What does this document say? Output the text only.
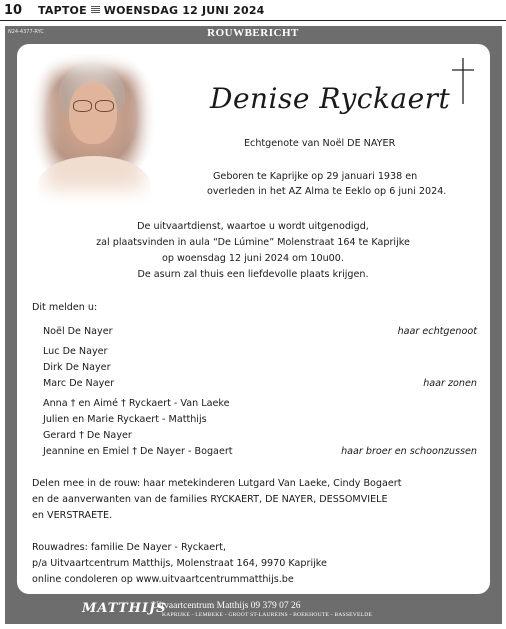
10 TAPTOE WOENSDAG 12 JUNI 2024
N24-4377-RYC	ROUWBERICHT
Denise Ryckaert
Echtgenote van Noël DE NAYER
Geboren te Kaprijke op 29 januari 1938 en
overleden in het AZ Alma te Eeklo op 6 juni 2024.
De uitvaartdienst, waartoe u wordt uitgenodigd,
zal plaatsvinden in aula “De Lúmine” Molenstraat 164 te Kaprijke
op woensdag 12 juni 2024 om 10u00.
De asurn zal thuis een liefdevolle plaats krijgen.
Dit melden u:
Noël De Nayer	haar echtgenoot
Luc De Nayer
Dirk De Nayer
Marc De Nayer	haar zonen
Anna † en Aimé † Ryckaert - Van Laeke
Julien en Marie Ryckaert - Matthijs
Gerard † De Nayer
Jeannine en Emiel † De Nayer - Bogaert	haar broer en schoonzussen
Delen mee in de rouw: haar metekinderen Lutgard Van Laeke, Cindy Bogaert
en de aanverwanten van de families RYCKAERT, DE NAYER, DESSOMVIELE
en VERSTRAETE.
Rouwadres: familie De Nayer - Ryckaert,
p/a Uitvaartcentrum Matthijs, Molenstraat 164, 9970 Kaprijke
online condoleren op www.uitvaartcentrummatthijs.be
MATTHIJS
Uitvaartcentrum Matthijs 09 379 07 26
KAPRIJKE - LEMBEKE - GROOT ST-LAUREINS - BOEKHOUTE - BASSEVELDE
